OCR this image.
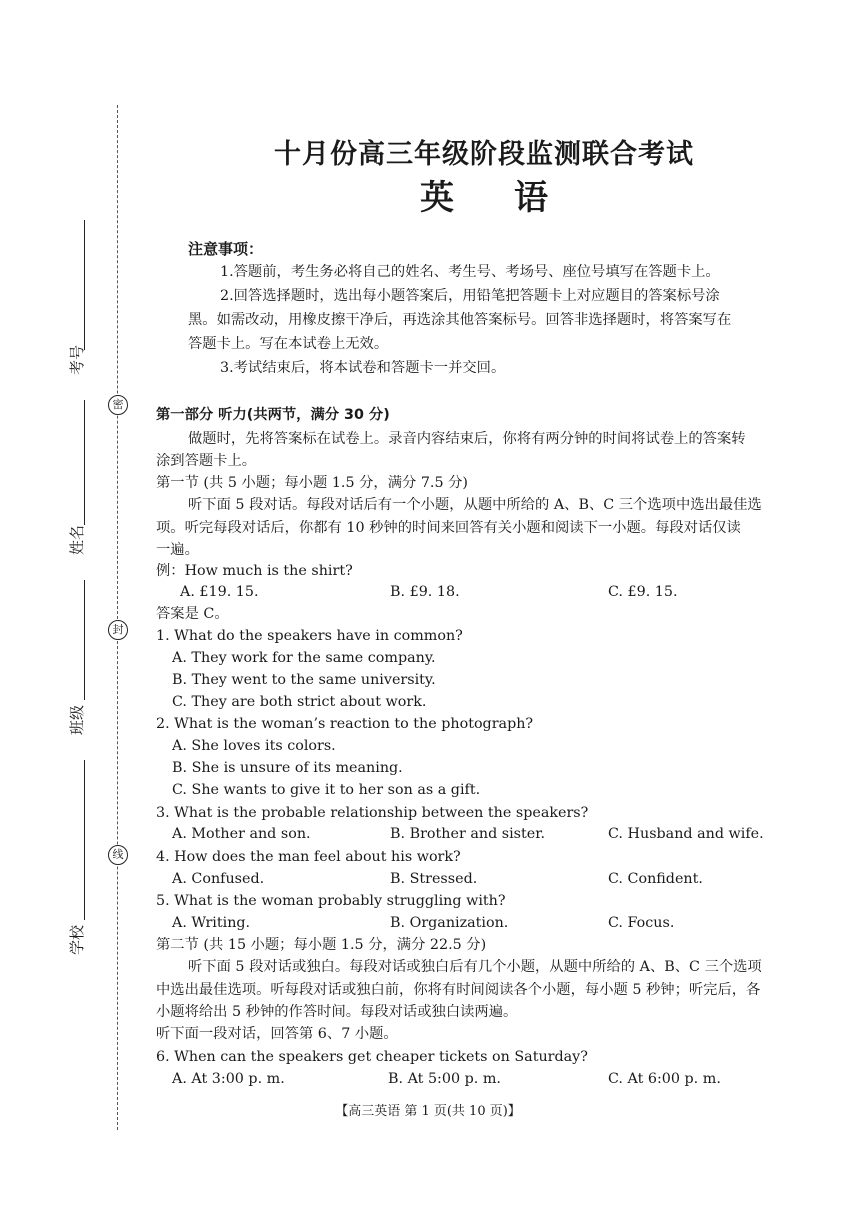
密
封
线
考号
姓名
班级
学校
十月份高三年级阶段监测联合考试
英语
注意事项：
1.答题前，考生务必将自己的姓名、考生号、考场号、座位号填写在答题卡上。
2.回答选择题时，选出每小题答案后，用铅笔把答题卡上对应题目的答案标号涂
黑。如需改动，用橡皮擦干净后，再选涂其他答案标号。回答非选择题时，将答案写在
答题卡上。写在本试卷上无效。
3.考试结束后，将本试卷和答题卡一并交回。
第一部分 听力(共两节，满分 30 分)
做题时，先将答案标在试卷上。录音内容结束后，你将有两分钟的时间将试卷上的答案转
涂到答题卡上。
第一节 (共 5 小题；每小题 1.5 分，满分 7.5 分)
听下面 5 段对话。每段对话后有一个小题，从题中所给的 A、B、C 三个选项中选出最佳选
项。听完每段对话后，你都有 10 秒钟的时间来回答有关小题和阅读下一小题。每段对话仅读
一遍。
例：How much is the shirt?
A. £19. 15.	B. £9. 18.	C. £9. 15.
答案是 C。
1. What do the speakers have in common?
A. They work for the same company.
B. They went to the same university.
C. They are both strict about work.
2. What is the woman’s reaction to the photograph?
A. She loves its colors.
B. She is unsure of its meaning.
C. She wants to give it to her son as a gift.
3. What is the probable relationship between the speakers?
A. Mother and son.	B. Brother and sister.	C. Husband and wife.
4. How does the man feel about his work?
A. Confused.	B. Stressed.	C. Confident.
5. What is the woman probably struggling with?
A. Writing.	B. Organization.	C. Focus.
第二节 (共 15 小题；每小题 1.5 分，满分 22.5 分)
听下面 5 段对话或独白。每段对话或独白后有几个小题，从题中所给的 A、B、C 三个选项
中选出最佳选项。听每段对话或独白前，你将有时间阅读各个小题，每小题 5 秒钟；听完后，各
小题将给出 5 秒钟的作答时间。每段对话或独白读两遍。
听下面一段对话，回答第 6、7 小题。
6. When can the speakers get cheaper tickets on Saturday?
A. At 3:00 p. m.	B. At 5:00 p. m.	C. At 6:00 p. m.
【高三英语 第 1 页(共 10 页)】
